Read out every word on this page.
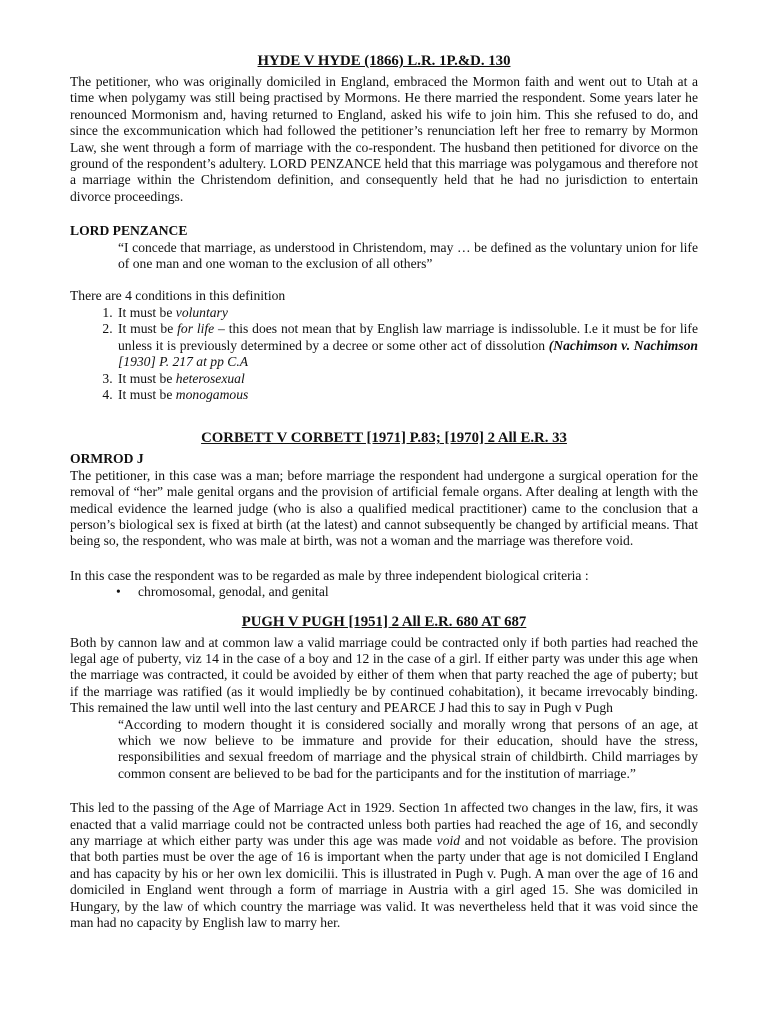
HYDE V HYDE (1866) L.R. 1P.&D. 130

The petitioner, who was originally domiciled in England, embraced the Mormon faith and went out to Utah at a time when polygamy was still being practised by Mormons. He there married the respondent. Some years later he renounced Mormonism and, having returned to England, asked his wife to join him. This she refused to do, and since the excommunication which had followed the petitioner’s renunciation left her free to remarry by Mormon Law, she went through a form of marriage with the co-respondent. The husband then petitioned for divorce on the ground of the respondent’s adultery. LORD PENZANCE held that this marriage was polygamous and therefore not a marriage within the Christendom definition, and consequently held that he had no jurisdiction to entertain divorce proceedings.

LORD PENZANCE

“I concede that marriage, as understood in Christendom, may … be defined as the voluntary union for life of one man and one woman to the exclusion of all others”

There are 4 conditions in this definition

1. It must be voluntary
2. It must be for life – this does not mean that by English law marriage is indissoluble. I.e it must be for life unless it is previously determined by a decree or some other act of dissolution (Nachimson v. Nachimson [1930] P. 217 at pp C.A
3. It must be heterosexual
4. It must be monogamous
CORBETT V CORBETT [1971] P.83; [1970] 2 All E.R. 33
ORMROD J

The petitioner, in this case was a man; before marriage the respondent had undergone a surgical operation for the removal of “her” male genital organs and the provision of artificial female organs. After dealing at length with the medical evidence the learned judge (who is also a qualified medical practitioner) came to the conclusion that a person’s biological sex is fixed at birth (at the latest) and cannot subsequently be changed by artificial means. That being so, the respondent, who was male at birth, was not a woman and the marriage was therefore void.

In this case the respondent was to be regarded as male by three independent biological criteria :

• chromosomal, genodal, and genital
PUGH V PUGH [1951] 2 All E.R. 680 AT 687

Both by cannon law and at common law a valid marriage could be contracted only if both parties had reached the legal age of puberty, viz 14 in the case of a boy and 12 in the case of a girl. If either party was under this age when the marriage was contracted, it could be avoided by either of them when that party reached the age of puberty; but if the marriage was ratified (as it would impliedly be by continued cohabitation), it became irrevocably binding. This remained the law until well into the last century and PEARCE J had this to say in Pugh v Pugh

“According to modern thought it is considered socially and morally wrong that persons of an age, at which we now believe to be immature and provide for their education, should have the stress, responsibilities and sexual freedom of marriage and the physical strain of childbirth. Child marriages by common consent are believed to be bad for the participants and for the institution of marriage.”

This led to the passing of the Age of Marriage Act in 1929. Section 1n affected two changes in the law, firs, it was enacted that a valid marriage could not be contracted unless both parties had reached the age of 16, and secondly any marriage at which either party was under this age was made void and not voidable as before. The provision that both parties must be over the age of 16 is important when the party under that age is not domiciled I England and has capacity by his or her own lex domicilii. This is illustrated in Pugh v. Pugh. A man over the age of 16 and domiciled in England went through a form of marriage in Austria with a girl aged 15. She was domiciled in Hungary, by the law of which country the marriage was valid. It was nevertheless held that it was void since the man had no capacity by English law to marry her.
